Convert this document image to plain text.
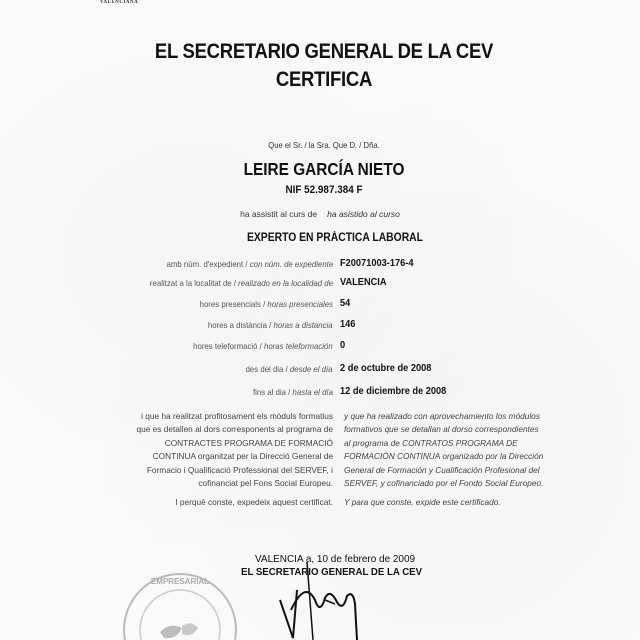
VALENCIANA
EL SECRETARIO GENERAL DE LA CEV
CERTIFICA
Que el Sr. / la Sra. Que D. / Dña.
LEIRE GARCÍA NIETO
NIF 52.987.384 F
ha assistit al curs de ha asistido al curso
EXPERTO EN PRÁCTICA LABORAL
amb núm. d'expedient / con núm. de expediente F20071003-176-4
realitzat a la localitat de / realizado en la localidad de VALENCIA
hores presencials / horas presenciales 54
hores a distància / horas a distancia 146
hores teleformació / horas teleformación 0
des del dia / desde el día 2 de octubre de 2008
fins al dia / hasta el día 12 de diciembre de 2008

i que ha realitzat profitosament els mòduls formatius

que es detallen al dors corresponents al programa de

CONTRACTES PROGRAMA DE FORMACIÓ

CONTINUA organitzat per la Direcció General de

Formacio i Qualificació Professional del SERVEF, i

cofinanciat pel Fons Social Europeu.

I perquè conste, expedeix aquest certificat.

y que ha realizado con aprovechamiento los módulos

formativos que se detallan al dorso correspondientes

al programa de CONTRATOS PROGRAMA DE

FORMACIÓN CONTINUA organizado por la Dirección

General de Formación y Cualificación Profesional del

SERVEF, y cofinanciado por el Fondo Social Europeo.

Y para que conste, expide este certificado.

EMPRESARIAL
VALENCIA a, 10 de febrero de 2009
EL SECRETARIO GENERAL DE LA CEV
